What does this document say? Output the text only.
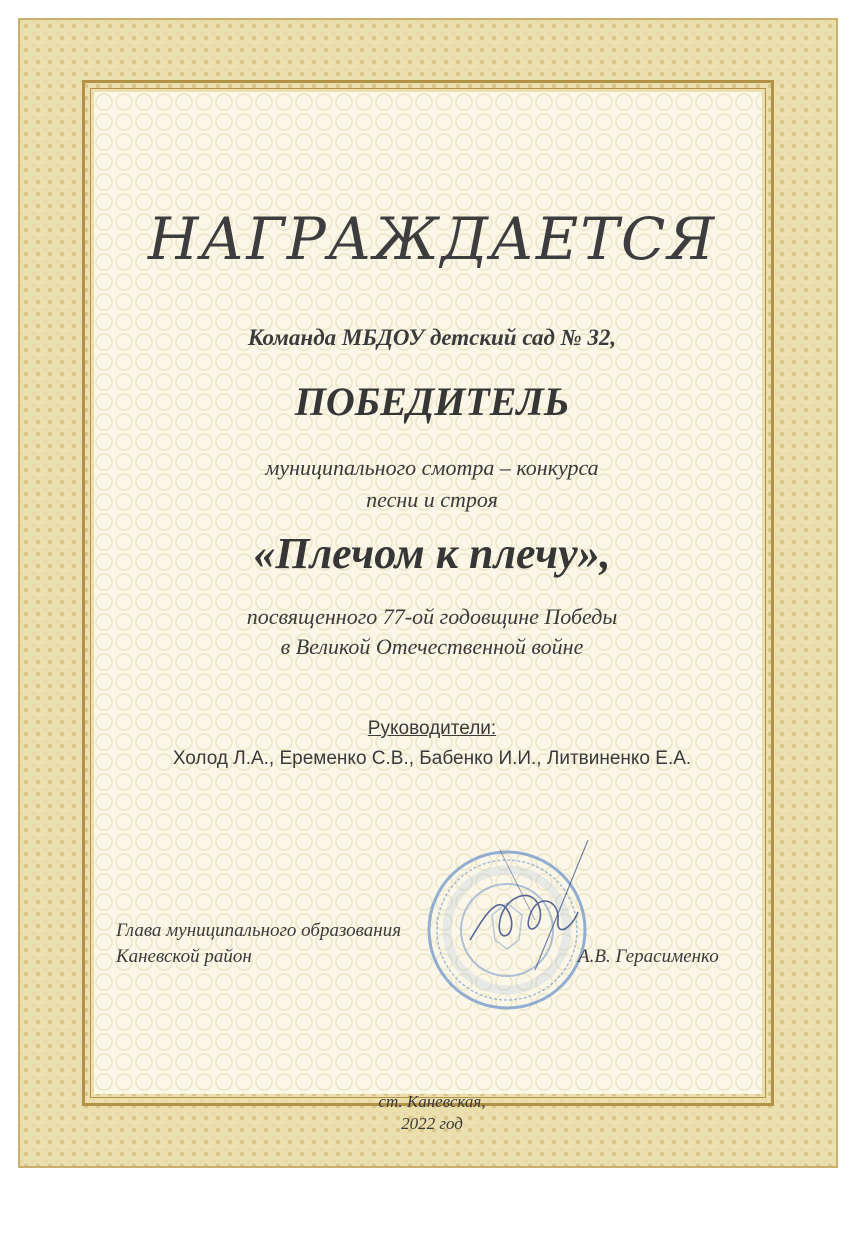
НАГРАЖДАЕТСЯ
Команда МБДОУ детский сад № 32,
ПОБЕДИТЕЛЬ
муниципального смотра – конкурса
песни и строя
«Плечом к плечу»,
посвященного 77-ой годовщине Победы
в Великой Отечественной войне
Руководители:
Холод Л.А., Еременко С.В., Бабенко И.И., Литвиненко Е.А.
Глава муниципального образования
Каневской район	А.В. Герасименко
ст. Каневская,
2022 год
